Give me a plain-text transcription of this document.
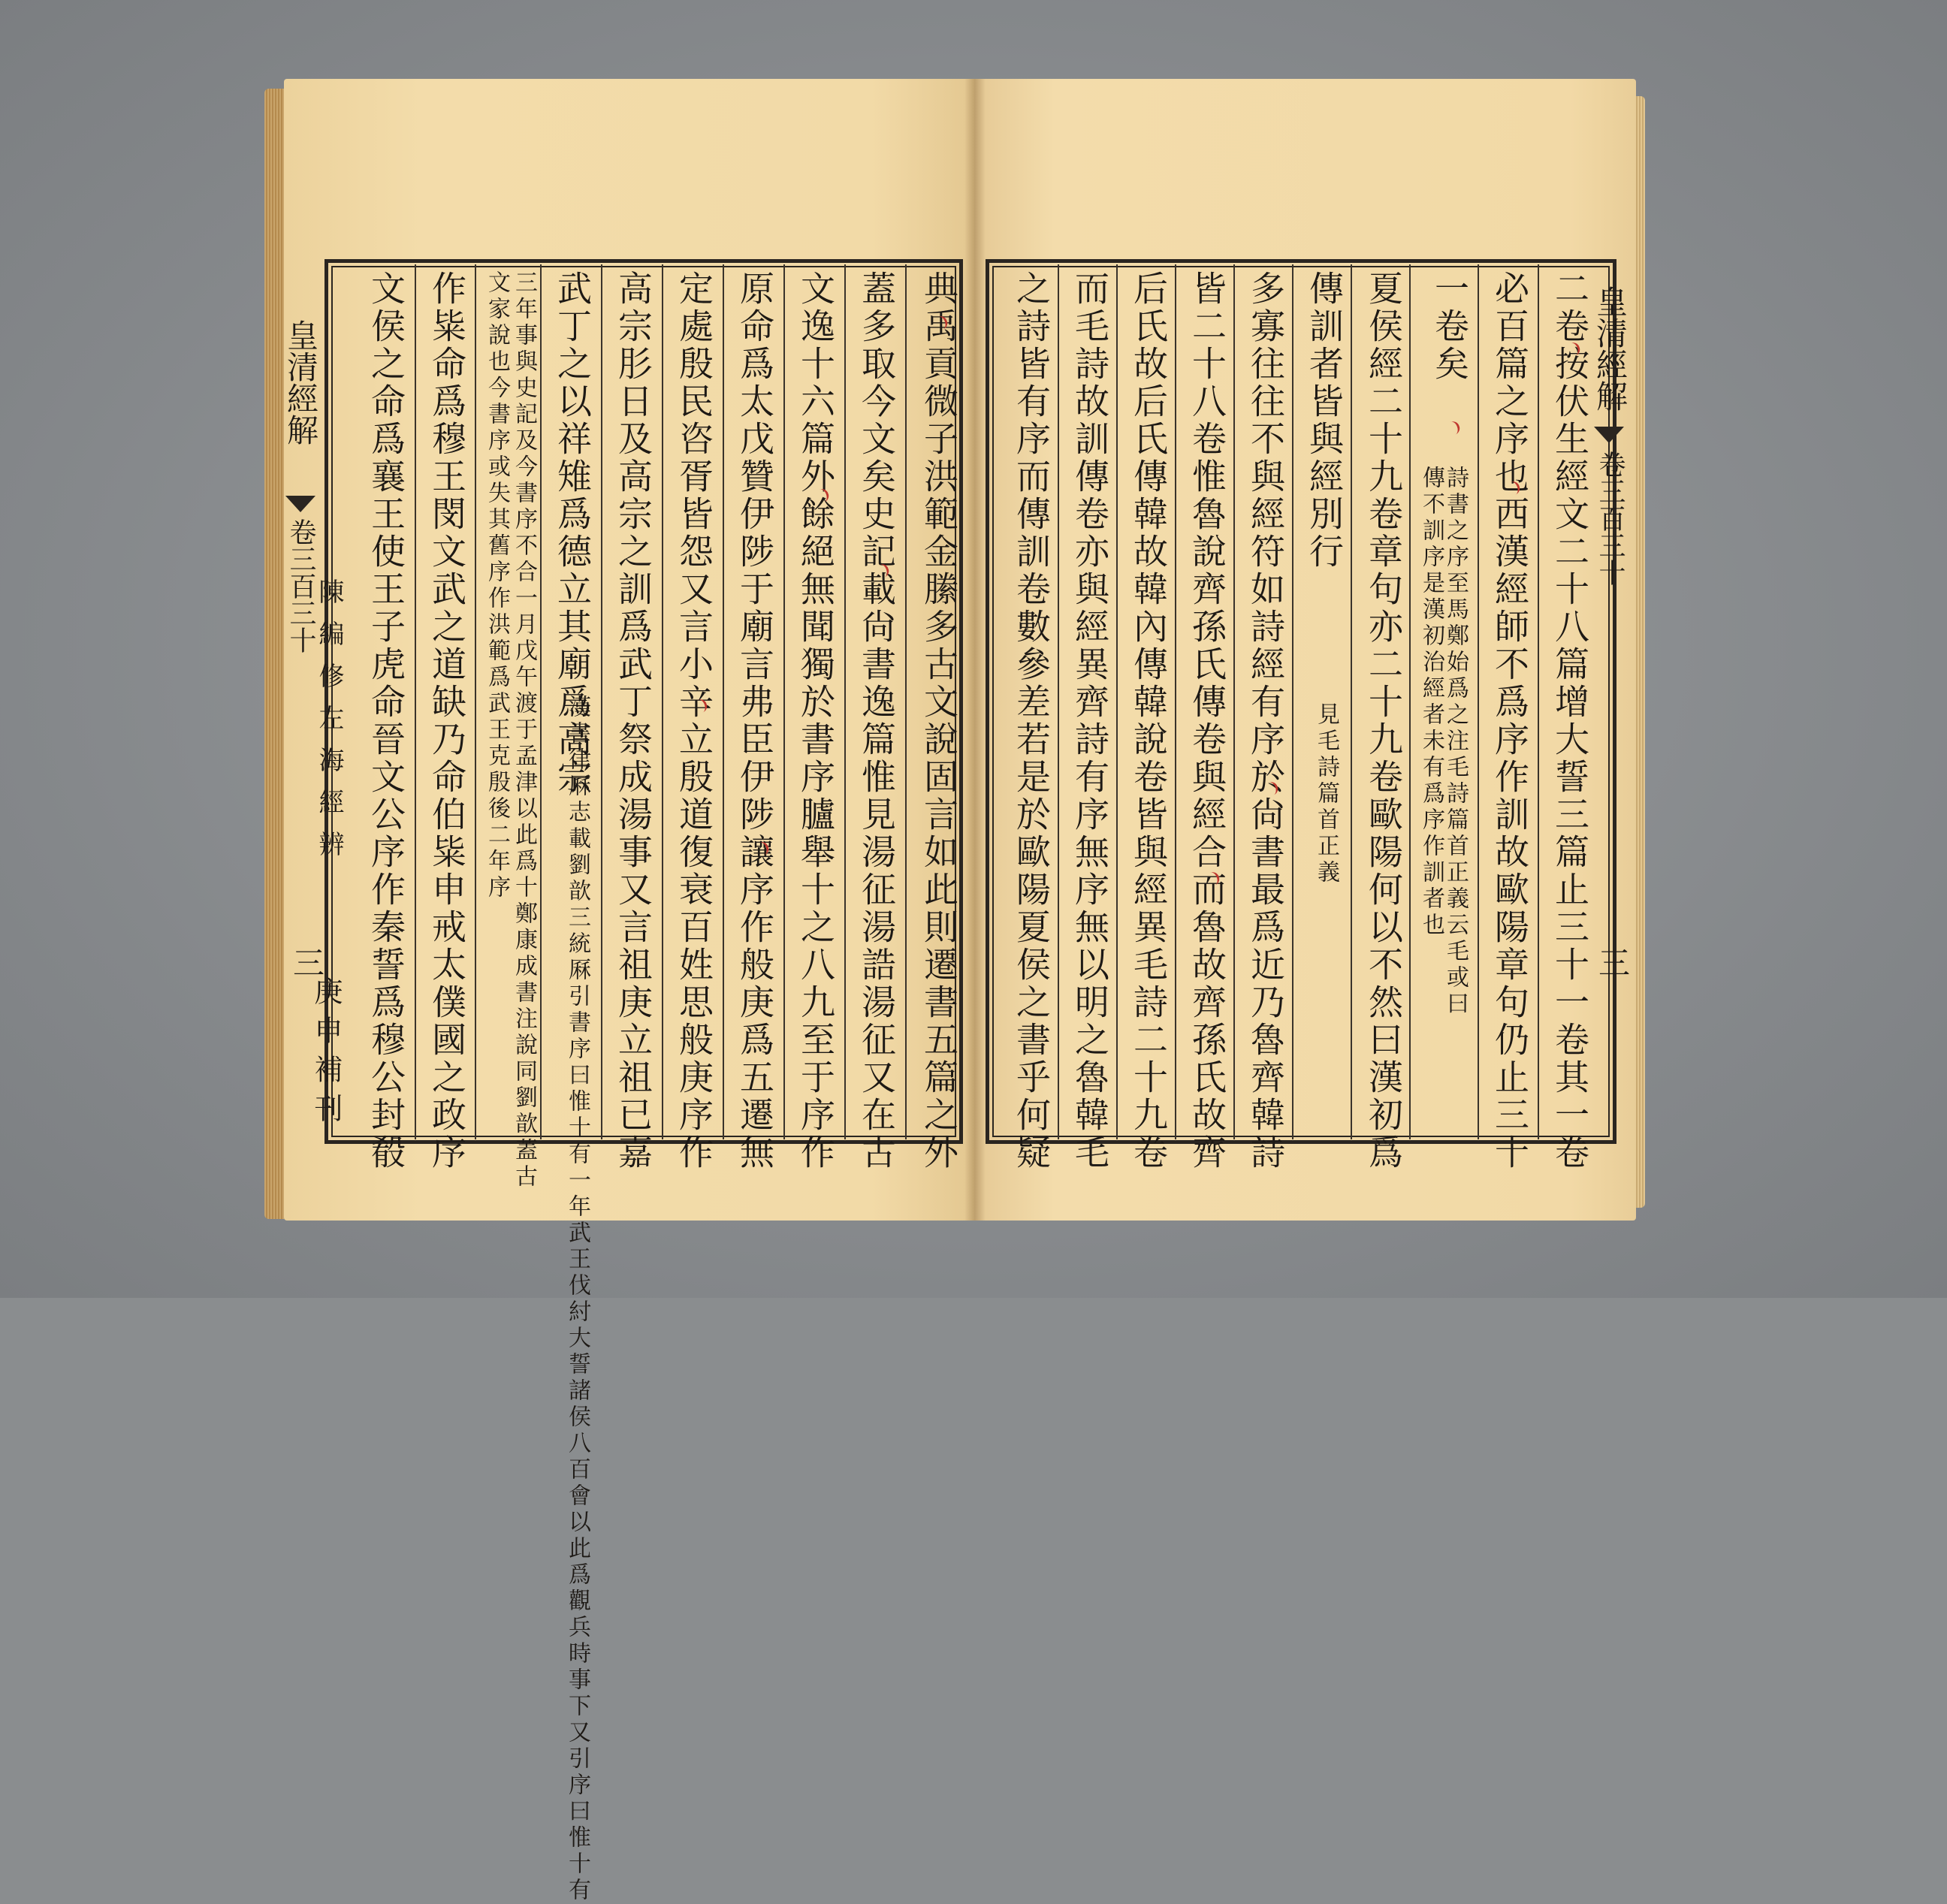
皇清經解
卷三百三十
陳編修左海經辨
三
庚申補刊	典禹貢微子洪範金縢多古文說固言如此則遷書五篇之外
蓋多取今文矣史記載尙書逸篇惟見湯征湯誥湯征又在古
文逸十六篇外餘絕無聞獨於書序臚舉十之八九至于序作
原命爲太戊贊伊陟于廟言弗臣伊陟讓序作般庚爲五遷無
定處殷民咨胥皆怨又言小辛立殷道復衰百姓思般庚序作
高宗肜日及高宗之訓爲武丁祭成湯事又言祖庚立祖已嘉
武丁之以祥雉爲德立其廟爲高宗
漢書律厤志載劉歆三統厤引書序曰惟十有一年武王伐紂大誓諸侯八百會以此爲觀兵時事下又引序曰惟十有
三年事與史記及今書序不合一月戊午渡于孟津以此爲十鄭康成書注說同劉歆蓋古
文家說也今書序或失其舊序作洪範爲武王克殷後二年序
作粊命爲穆王閔文武之道缺乃命伯粊申戒太僕國之政序
文侯之命爲襄王使王子虎命晉文公序作秦誓爲穆公封殽	皇清經解
卷三百三十
三
二卷按伏生經文二十八篇增大誓三篇止三十一卷其一卷
必百篇之序也西漢經師不爲序作訓故歐陽章句仍止三十
一卷矣
詩書之序至馬鄭始爲之注毛詩篇首正義云毛或曰
傳不訓序是漢初治經者未有爲序作訓者也
夏侯經二十九卷章句亦二十九卷歐陽何以不然曰漢初爲
傳訓者皆與經別行
見毛詩篇首正義
多寡往往不與經符如詩經有序於尙書最爲近乃魯齊韓詩
皆二十八卷惟魯說齊孫氏傳卷與經合而魯故齊孫氏故齊
后氏故后氏傳韓故韓內傳韓說卷皆與經異毛詩二十九卷
而毛詩故訓傳卷亦與經異齊詩有序無序無以明之魯韓毛
之詩皆有序而傳訓卷數參差若是於歐陽夏侯之書乎何疑
